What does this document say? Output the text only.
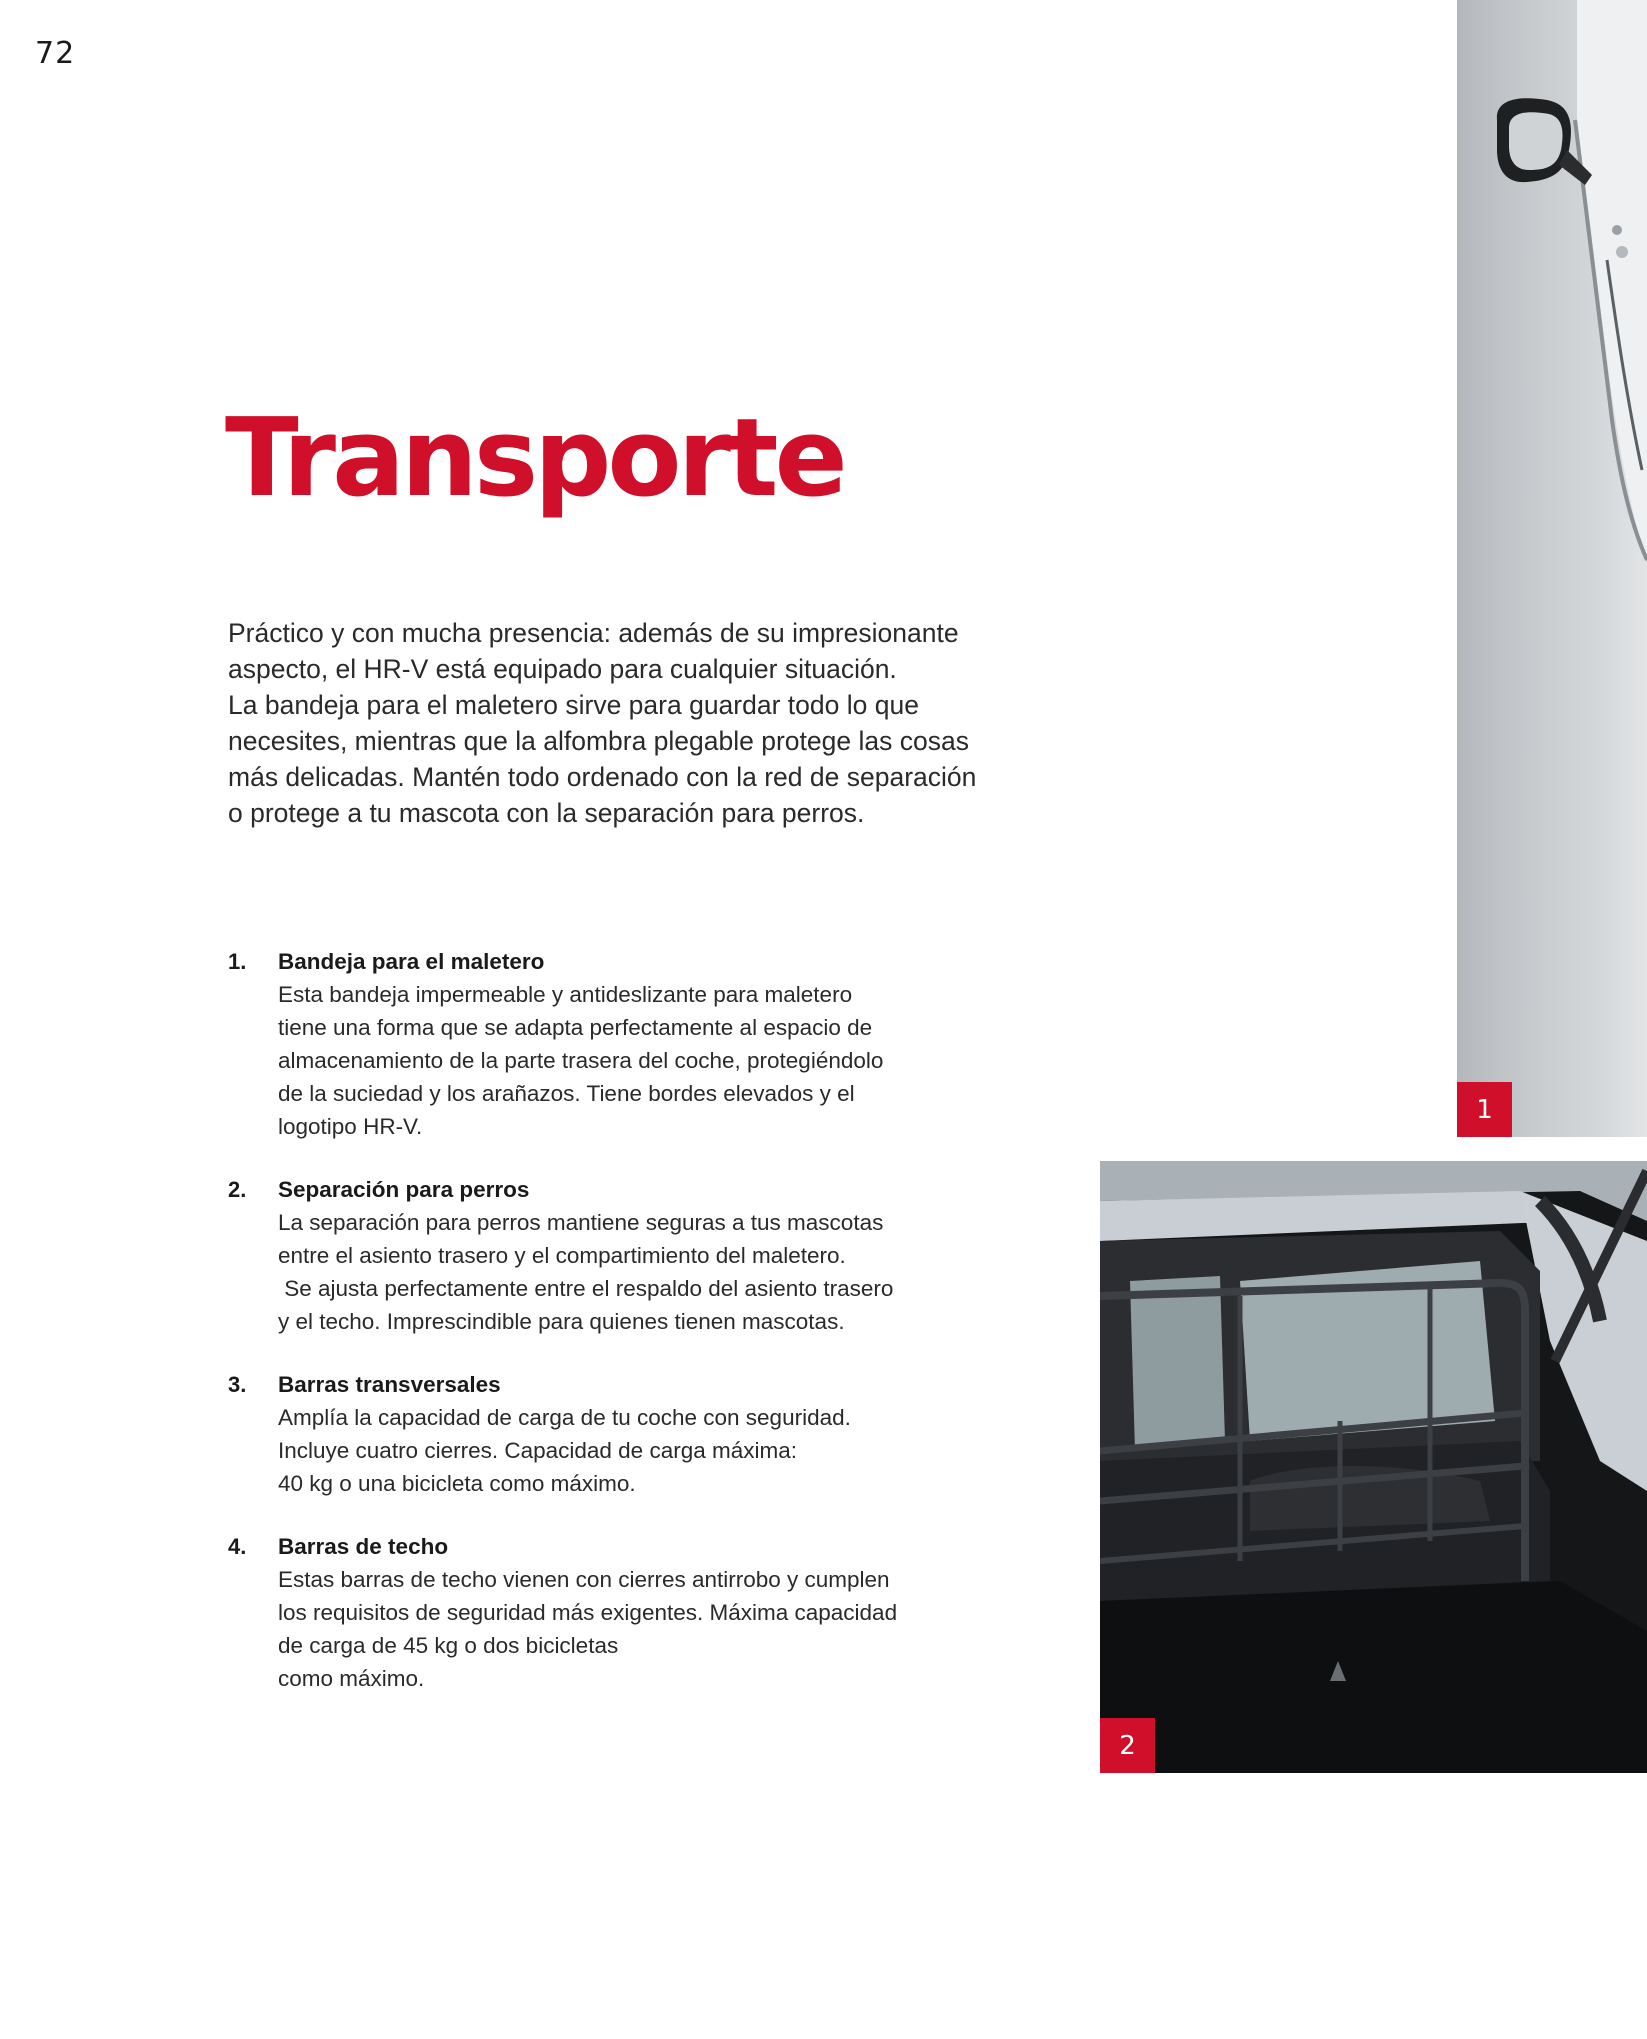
72
Transporte
Práctico y con mucha presencia: además de su impresionante
aspecto, el HR-V está equipado para cualquier situación.
La bandeja para el maletero sirve para guardar todo lo que
necesites, mientras que la alfombra plegable protege las cosas
más delicadas. Mantén todo ordenado con la red de separación
o protege a tu mascota con la separación para perros.
1. Bandeja para el maletero
Esta bandeja impermeable y antideslizante para maletero
tiene una forma que se adapta perfectamente al espacio de
almacenamiento de la parte trasera del coche, protegiéndolo
de la suciedad y los arañazos. Tiene bordes elevados y el
logotipo HR-V.
2. Separación para perros
La separación para perros mantiene seguras a tus mascotas
entre el asiento trasero y el compartimiento del maletero.
Se ajusta perfectamente entre el respaldo del asiento trasero
y el techo. Imprescindible para quienes tienen mascotas.
3. Barras transversales
Amplía la capacidad de carga de tu coche con seguridad.
Incluye cuatro cierres. Capacidad de carga máxima:
40 kg o una bicicleta como máximo.
4. Barras de techo
Estas barras de techo vienen con cierres antirrobo y cumplen
los requisitos de seguridad más exigentes. Máxima capacidad
de carga de 45 kg o dos bicicletas
como máximo.
1
2
